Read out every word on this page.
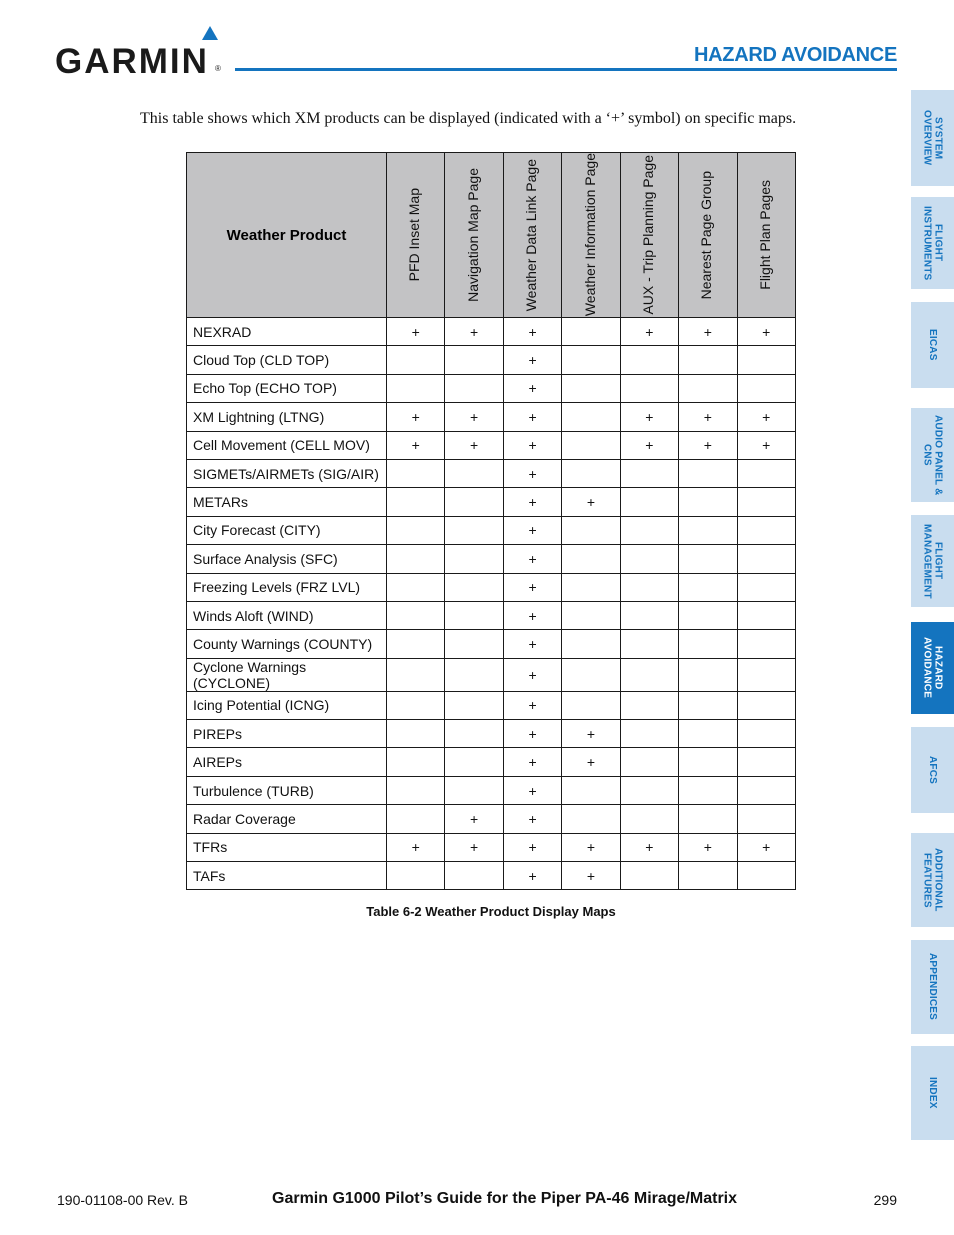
GARMIN ®
HAZARD AVOIDANCE
This table shows which XM products can be displayed (indicated with a ‘+’ symbol) on specific maps.
Weather Product	PFD Inset Map	Navigation Map Page	Weather Data Link Page	Weather Information Page	AUX - Trip Planning Page	Nearest Page Group	Flight Plan Pages

NEXRAD	+	+	+		+	+	+
Cloud Top (CLD TOP)			+				
Echo Top (ECHO TOP)			+				
XM Lightning (LTNG)	+	+	+		+	+	+
Cell Movement (CELL MOV)	+	+	+		+	+	+
SIGMETs/AIRMETs (SIG/AIR)			+				
METARs			+	+			
City Forecast (CITY)			+				
Surface Analysis (SFC)			+				
Freezing Levels (FRZ LVL)			+				
Winds Aloft (WIND)			+				
County Warnings (COUNTY)			+				
Cyclone Warnings (CYCLONE)			+				
Icing Potential (ICNG)			+				
PIREPs			+	+			
AIREPs			+	+			
Turbulence (TURB)			+				
Radar Coverage		+	+				
TFRs	+	+	+	+	+	+	+
TAFs			+	+			
Table 6-2 Weather Product Display Maps
SYSTEM OVERVIEW
FLIGHT INSTRUMENTS
EICAS
AUDIO PANEL & CNS
FLIGHT MANAGEMENT
HAZARD AVOIDANCE
AFCS
ADDITIONAL FEATURES
APPENDICES
INDEX
190-01108-00 Rev. B	Garmin G1000 Pilot’s Guide for the Piper PA-46 Mirage/Matrix	299
